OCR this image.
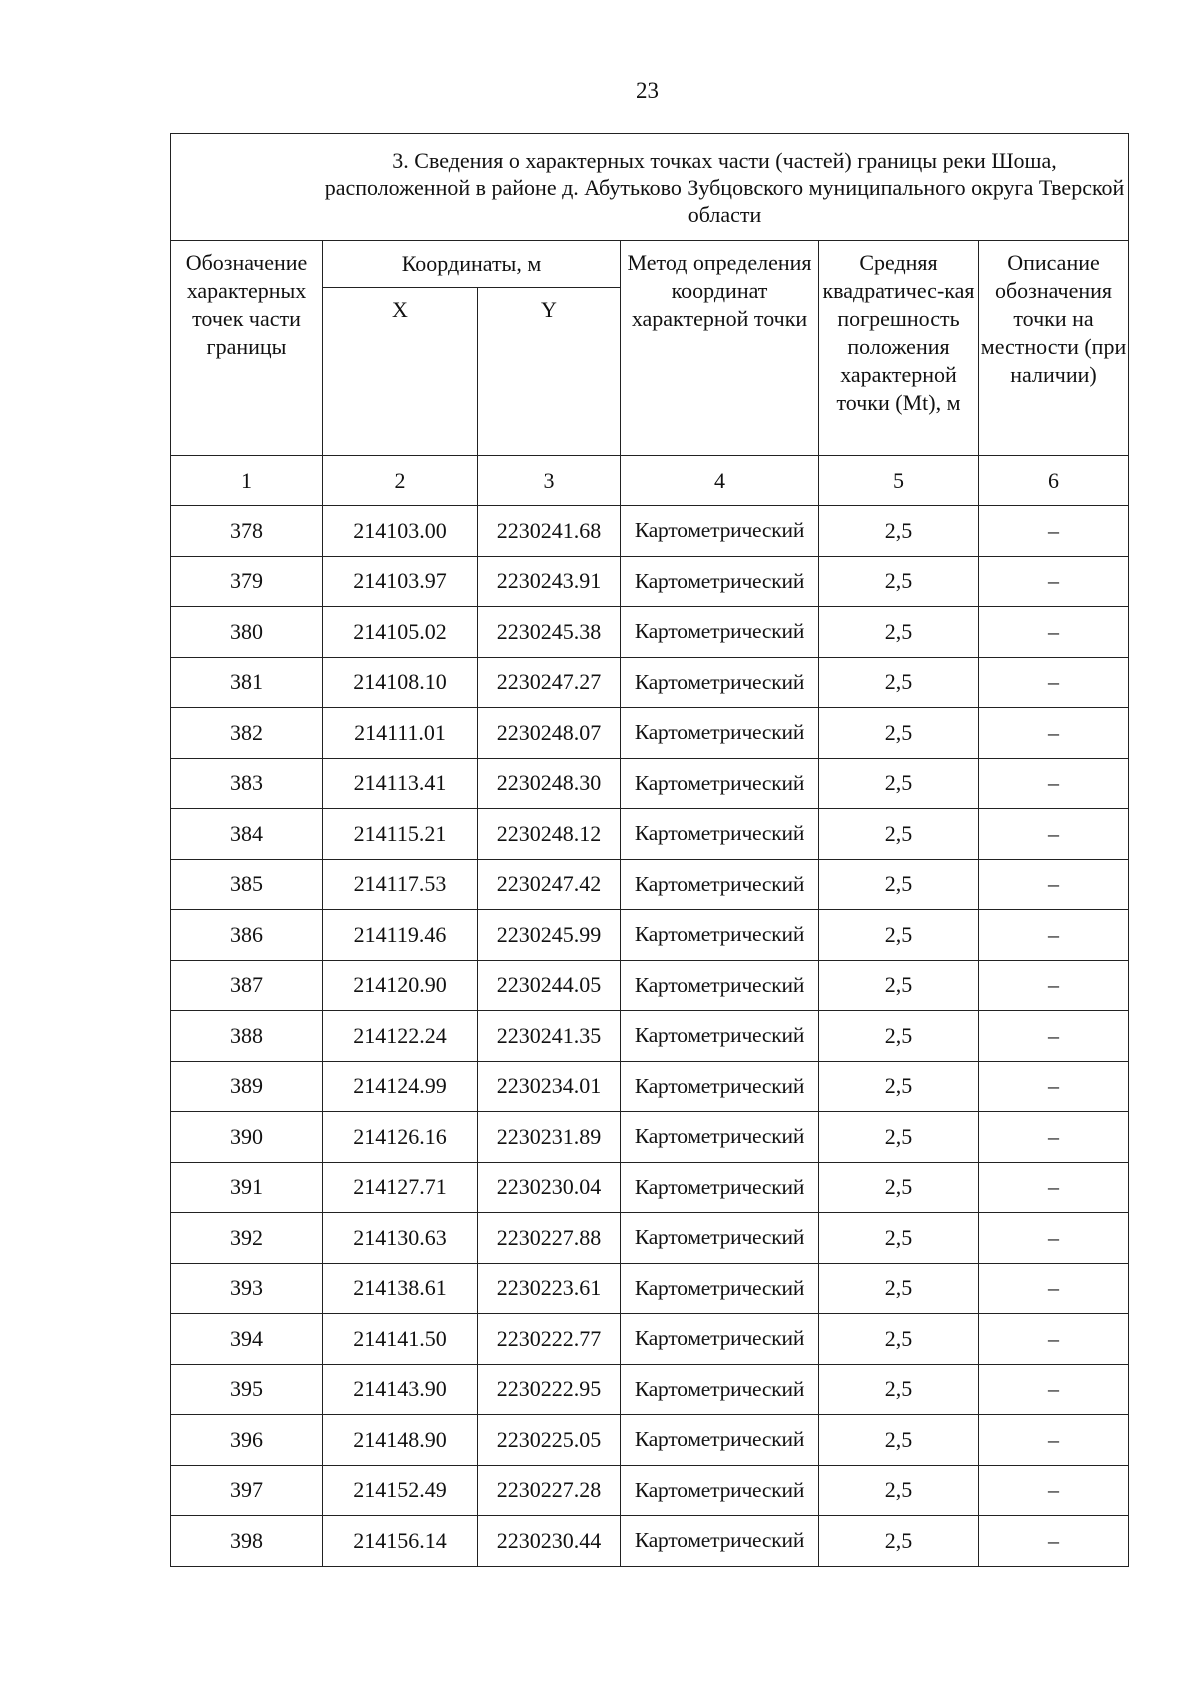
23
3. Сведения о характерных точках части (частей) границы реки Шоша, расположенной в районе д. Абутьково Зубцовского муниципального округа Тверской области					

Обозначение характерных точек части границы	Координаты, м		Метод определения координат характерной точки	Средняя квадратичес-кая погрешность положения характерной точки (Mt), м	Описание обозначения точки на местности (при наличии)
	X	Y			
1	2	3	4	5	6
378	214103.00	2230241.68	Картометрический	2,5	–
379	214103.97	2230243.91	Картометрический	2,5	–
380	214105.02	2230245.38	Картометрический	2,5	–
381	214108.10	2230247.27	Картометрический	2,5	–
382	214111.01	2230248.07	Картометрический	2,5	–
383	214113.41	2230248.30	Картометрический	2,5	–
384	214115.21	2230248.12	Картометрический	2,5	–
385	214117.53	2230247.42	Картометрический	2,5	–
386	214119.46	2230245.99	Картометрический	2,5	–
387	214120.90	2230244.05	Картометрический	2,5	–
388	214122.24	2230241.35	Картометрический	2,5	–
389	214124.99	2230234.01	Картометрический	2,5	–
390	214126.16	2230231.89	Картометрический	2,5	–
391	214127.71	2230230.04	Картометрический	2,5	–
392	214130.63	2230227.88	Картометрический	2,5	–
393	214138.61	2230223.61	Картометрический	2,5	–
394	214141.50	2230222.77	Картометрический	2,5	–
395	214143.90	2230222.95	Картометрический	2,5	–
396	214148.90	2230225.05	Картометрический	2,5	–
397	214152.49	2230227.28	Картометрический	2,5	–
398	214156.14	2230230.44	Картометрический	2,5	–
